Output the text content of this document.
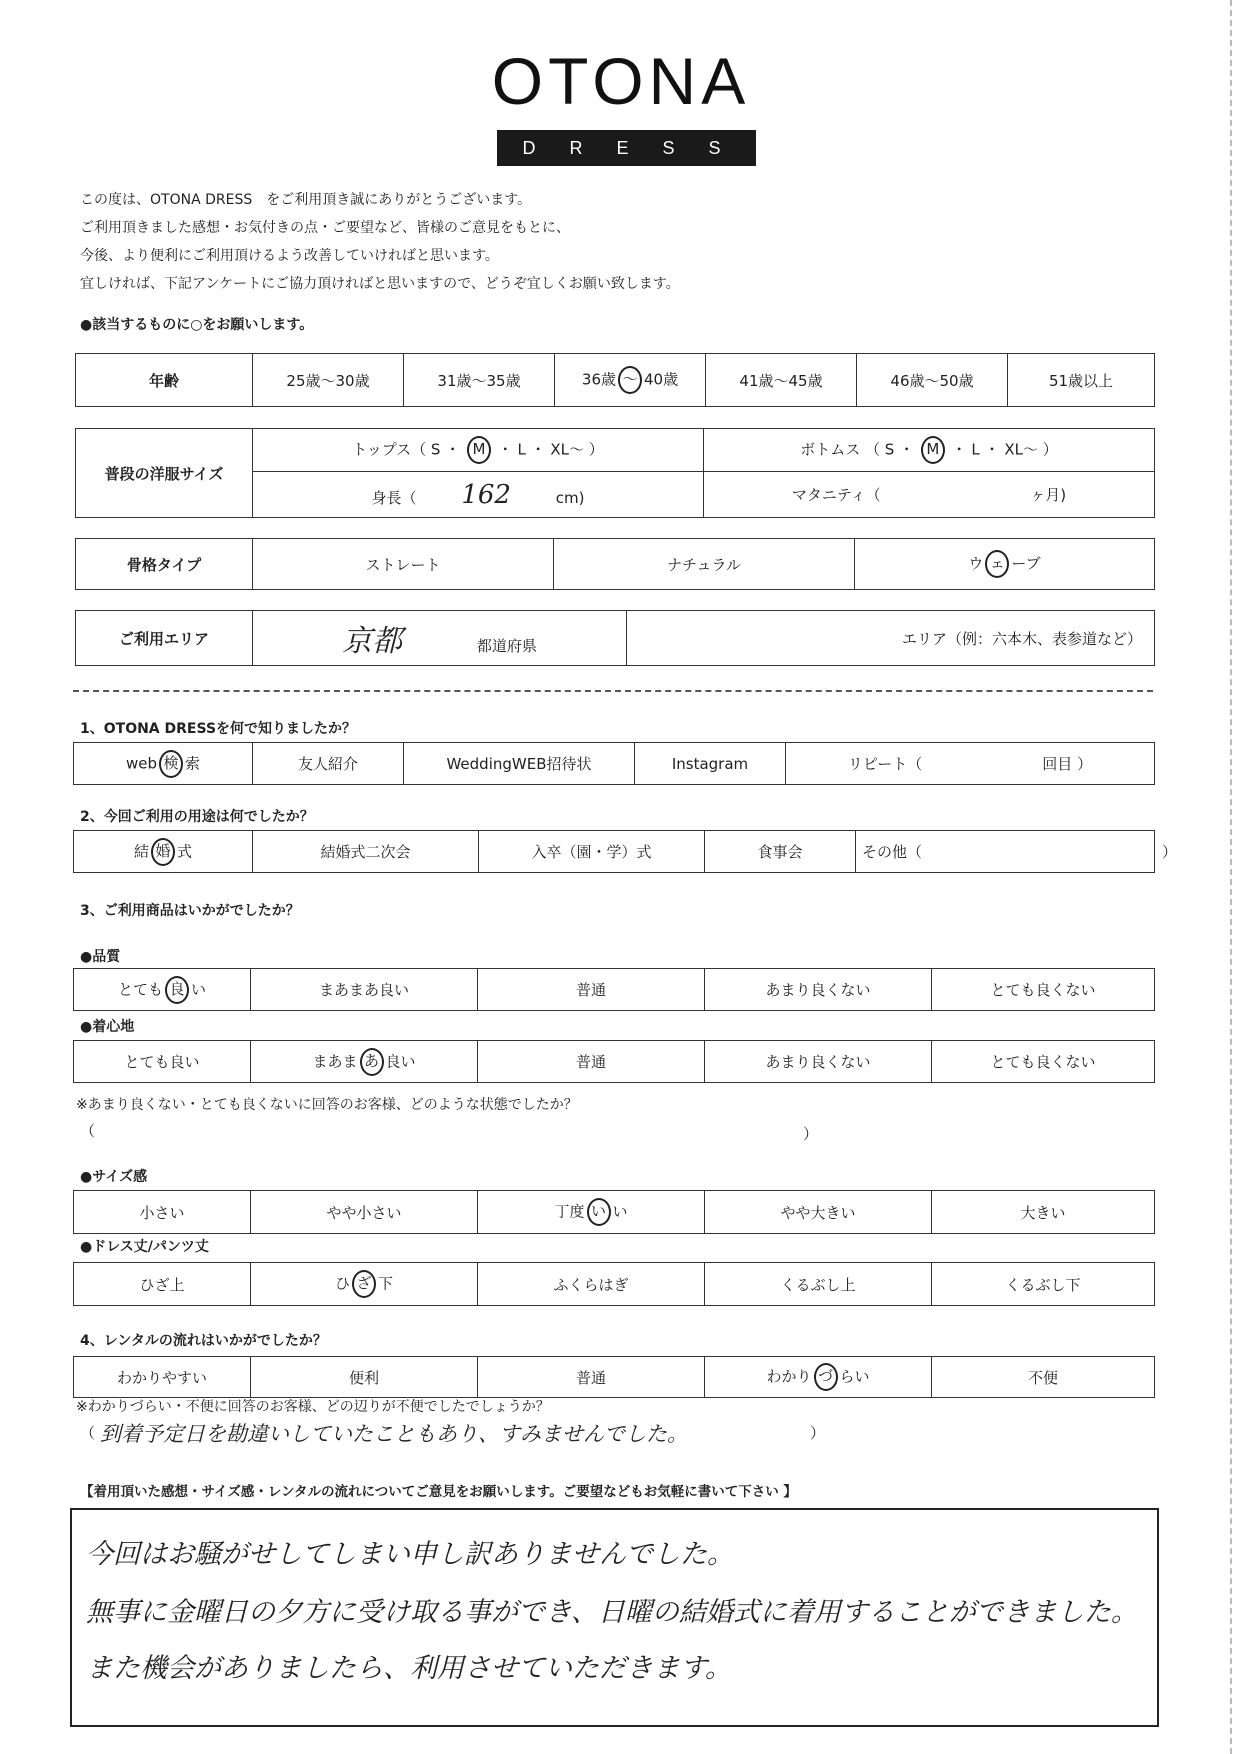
OTONA
DRESS
この度は、OTONA DRESS　をご利用頂き誠にありがとうございます。
ご利用頂きました感想・お気付きの点・ご要望など、皆様のご意見をもとに、
今後、より便利にご利用頂けるよう改善していければと思います。
宜しければ、下記アンケートにご協力頂ければと思いますので、どうぞ宜しくお願い致します。
●該当するものに○をお願いします。
年齢	25歳～30歳	31歳～35歳	36歳 ～ 40歳	41歳～45歳	46歳～50歳	51歳以上
普段の洋服サイズ	トップス（ S ・ M ・ L ・ XL～ ）	ボトムス （ S ・ M ・ L ・ XL～ ）
	身長（ 162 cm)	マタニティ（ ヶ月)
骨格タイプ	ストレート	ナチュラル	ウ ェ ーブ
ご利用エリア	京都	都道府県	エリア（例：六本木、表参道など）
1、OTONA DRESSを何で知りましたか？
web 検 索	友人紹介	WeddingWEB招待状	Instagram	リピート（　　　　　　　　回目 ）
2、今回ご利用の用途は何でしたか？
結 婚 式	結婚式二次会	入卒（園・学）式	食事会	その他（　　　　　　　　　　　　　　　　）
3、ご利用商品はいかがでしたか？
●品質
とても 良 い	まあまあ良い	普通	あまり良くない	とても良くない
●着心地
とても良い	まあま あ 良い	普通	あまり良くない	とても良くない
※あまり良くない・とても良くないに回答のお客様、どのような状態でしたか？
（	）
●サイズ感
小さい	やや小さい	丁度 い い	やや大きい	大きい
●ドレス丈/パンツ丈
ひざ上	ひ ざ 下	ふくらはぎ	くるぶし上	くるぶし下
4、レンタルの流れはいかがでしたか？
わかりやすい	便利	普通	わかり づ らい	不便
※わかりづらい・不便に回答のお客様、どの辺りが不便でしたでしょうか？
（ 到着予定日を勘違いしていたこともあり、すみませんでした。	）
【着用頂いた感想・サイズ感・レンタルの流れについてご意見をお願いします。ご要望などもお気軽に書いて下さい 】
今回はお騒がせしてしまい申し訳ありませんでした。
無事に金曜日の夕方に受け取る事ができ、日曜の結婚式に着用することができました。
また機会がありましたら、利用させていただきます。
